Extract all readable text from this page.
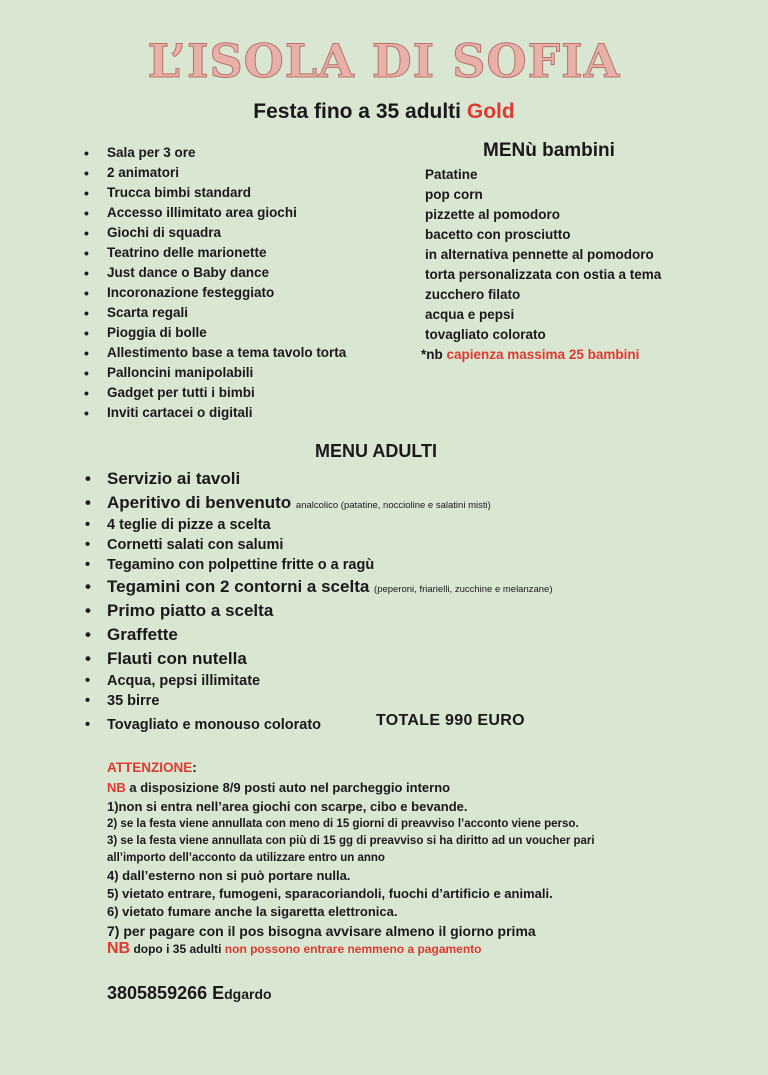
L’ISOLA DI SOFIA
Festa fino a 35 adulti Gold
• Sala per 3 ore
• 2 animatori
• Trucca bimbi standard
• Accesso illimitato area giochi
• Giochi di squadra
• Teatrino delle marionette
• Just dance o Baby dance
• Incoronazione festeggiato
• Scarta regali
• Pioggia di bolle
• Allestimento base a tema tavolo torta
• Palloncini manipolabili
• Gadget per tutti i bimbi
• Inviti cartacei o digitali
MENù bambini
Patatine
pop corn
pizzette al pomodoro
bacetto con prosciutto
in alternativa pennette al pomodoro
torta personalizzata con ostia a tema
zucchero filato
acqua e pepsi
tovagliato colorato
*nb capienza massima 25 bambini
MENU ADULTI
• Servizio ai tavoli
• Aperitivo di benvenuto analcolico (patatine, noccioline e salatini misti)
• 4 teglie di pizze a scelta
• Cornetti salati con salumi
• Tegamino con polpettine fritte o a ragù
• Tegamini con 2 contorni a scelta (peperoni, friarielli, zucchine e melanzane)
• Primo piatto a scelta
• Graffette
• Flauti con nutella
• Acqua, pepsi illimitate
• 35 birre
• Tovagliato e monouso colorato	TOTALE 990 EURO
ATTENZIONE:
NB a disposizione 8/9 posti auto nel parcheggio interno
1)non si entra nell’area giochi con scarpe, cibo e bevande.
2) se la festa viene annullata con meno di 15 giorni di preavviso l’acconto viene perso.
3) se la festa viene annullata con più di 15 gg di preavviso si ha diritto ad un voucher pari
all’importo dell’acconto da utilizzare entro un anno
4) dall’esterno non si può portare nulla.
5) vietato entrare, fumogeni, sparacoriandoli, fuochi d’artificio e animali.
6) vietato fumare anche la sigaretta elettronica.
7) per pagare con il pos bisogna avvisare almeno il giorno prima
NB dopo i 35 adulti non possono entrare nemmeno a pagamento
3805859266 Edgardo
